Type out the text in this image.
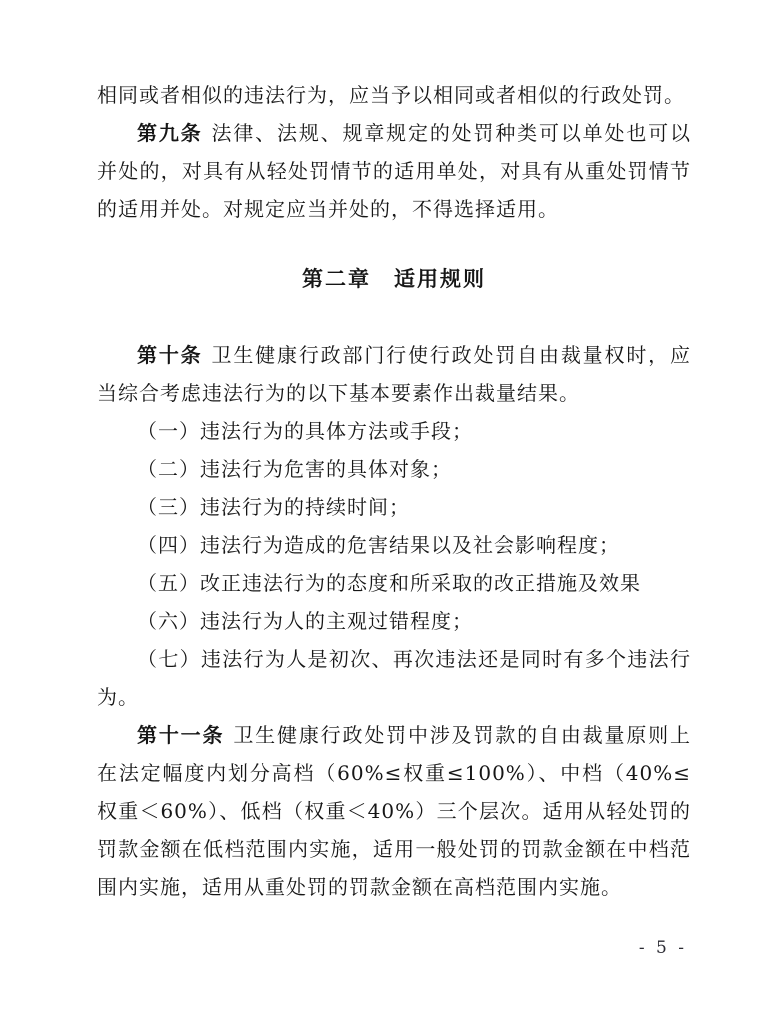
相同或者相似的违法行为，应当予以相同或者相似的行政处罚。

第九条 法律、法规、规章规定的处罚种类可以单处也可以并处的，对具有从轻处罚情节的适用单处，对具有从重处罚情节的适用并处。对规定应当并处的，不得选择适用。

第二章　适用规则

第十条 卫生健康行政部门行使行政处罚自由裁量权时，应当综合考虑违法行为的以下基本要素作出裁量结果。

（一）违法行为的具体方法或手段；

（二）违法行为危害的具体对象；

（三）违法行为的持续时间；

（四）违法行为造成的危害结果以及社会影响程度；

（五）改正违法行为的态度和所采取的改正措施及效果

（六）违法行为人的主观过错程度；

（七）违法行为人是初次、再次违法还是同时有多个违法行为。

第十一条 卫生健康行政处罚中涉及罚款的自由裁量原则上在法定幅度内划分高档（60%≤权重≤100%）、中档（40%≤权重＜60%）、低档（权重＜40%）三个层次。适用从轻处罚的罚款金额在低档范围内实施，适用一般处罚的罚款金额在中档范围内实施，适用从重处罚的罚款金额在高档范围内实施。

- 5 -
